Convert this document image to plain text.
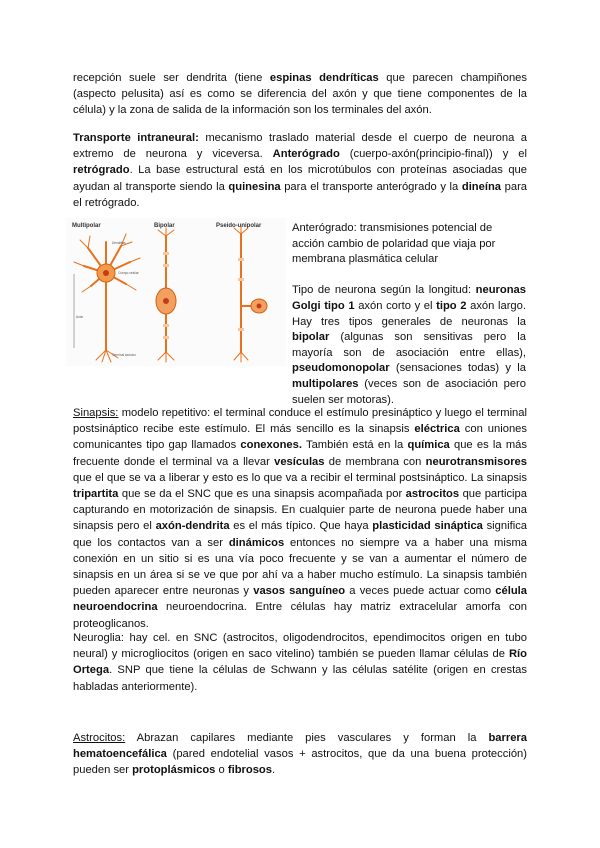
recepción suele ser dendrita (tiene espinas dendríticas que parecen champiñones (aspecto pelusita) así es como se diferencia del axón y que tiene componentes de la célula) y la zona de salida de la información son los terminales del axón.

Transporte intraneural: mecanismo traslado material desde el cuerpo de neurona a extremo de neurona y viceversa. Anterógrado (cuerpo-axón(principio-final)) y el retrógrado. La base estructural está en los microtúbulos con proteínas asociadas que ayudan al transporte siendo la quinesina para el transporte anterógrado y la dineína para el retrógrado.

Multipolar	Bipolar	Pseido-unipolar
Axón
Dendritas
Cuerpo celular
Terminal axónico

Anterógrado: transmisiones potencial de acción cambio de polaridad que viaja por membrana plasmática celular

Tipo de neurona según la longitud: neuronas Golgi tipo 1 axón corto y el tipo 2 axón largo. Hay tres tipos generales de neuronas la bipolar (algunas son sensitivas pero la mayoría son de asociación entre ellas), pseudomonopolar (sensaciones todas) y la multipolares (veces son de asociación pero suelen ser motoras).

Sinapsis: modelo repetitivo: el terminal conduce el estímulo presináptico y luego el terminal postsináptico recibe este estímulo. El más sencillo es la sinapsis eléctrica con uniones comunicantes tipo gap llamados conexones. También está en la química que es la más frecuente donde el terminal va a llevar vesículas de membrana con neurotransmisores que el que se va a liberar y esto es lo que va a recibir el terminal postsináptico. La sinapsis tripartita que se da el SNC que es una sinapsis acompañada por astrocitos que participa capturando en motorización de sinapsis. En cualquier parte de neurona puede haber una sinapsis pero el axón-dendrita es el más típico. Que haya plasticidad sináptica significa que los contactos van a ser dinámicos entonces no siempre va a haber una misma conexión en un sitio si es una vía poco frecuente y se van a aumentar el número de sinapsis en un área si se ve que por ahí va a haber mucho estímulo. La sinapsis también pueden aparecer entre neuronas y vasos sanguíneo a veces puede actuar como célula neuroendocrina neuroendocrina. Entre células hay matriz extracelular amorfa con proteoglicanos.

Neuroglia: hay cel. en SNC (astrocitos, oligodendrocitos, ependimocitos origen en tubo neural) y microgliocitos (origen en saco vitelino) también se pueden llamar células de Río Ortega. SNP que tiene la células de Schwann y las células satélite (origen en crestas habladas anteriormente).

Astrocitos: Abrazan capilares mediante pies vasculares y forman la barrera hematoencefálica (pared endotelial vasos + astrocitos, que da una buena protección) pueden ser protoplásmicos o fibrosos.
